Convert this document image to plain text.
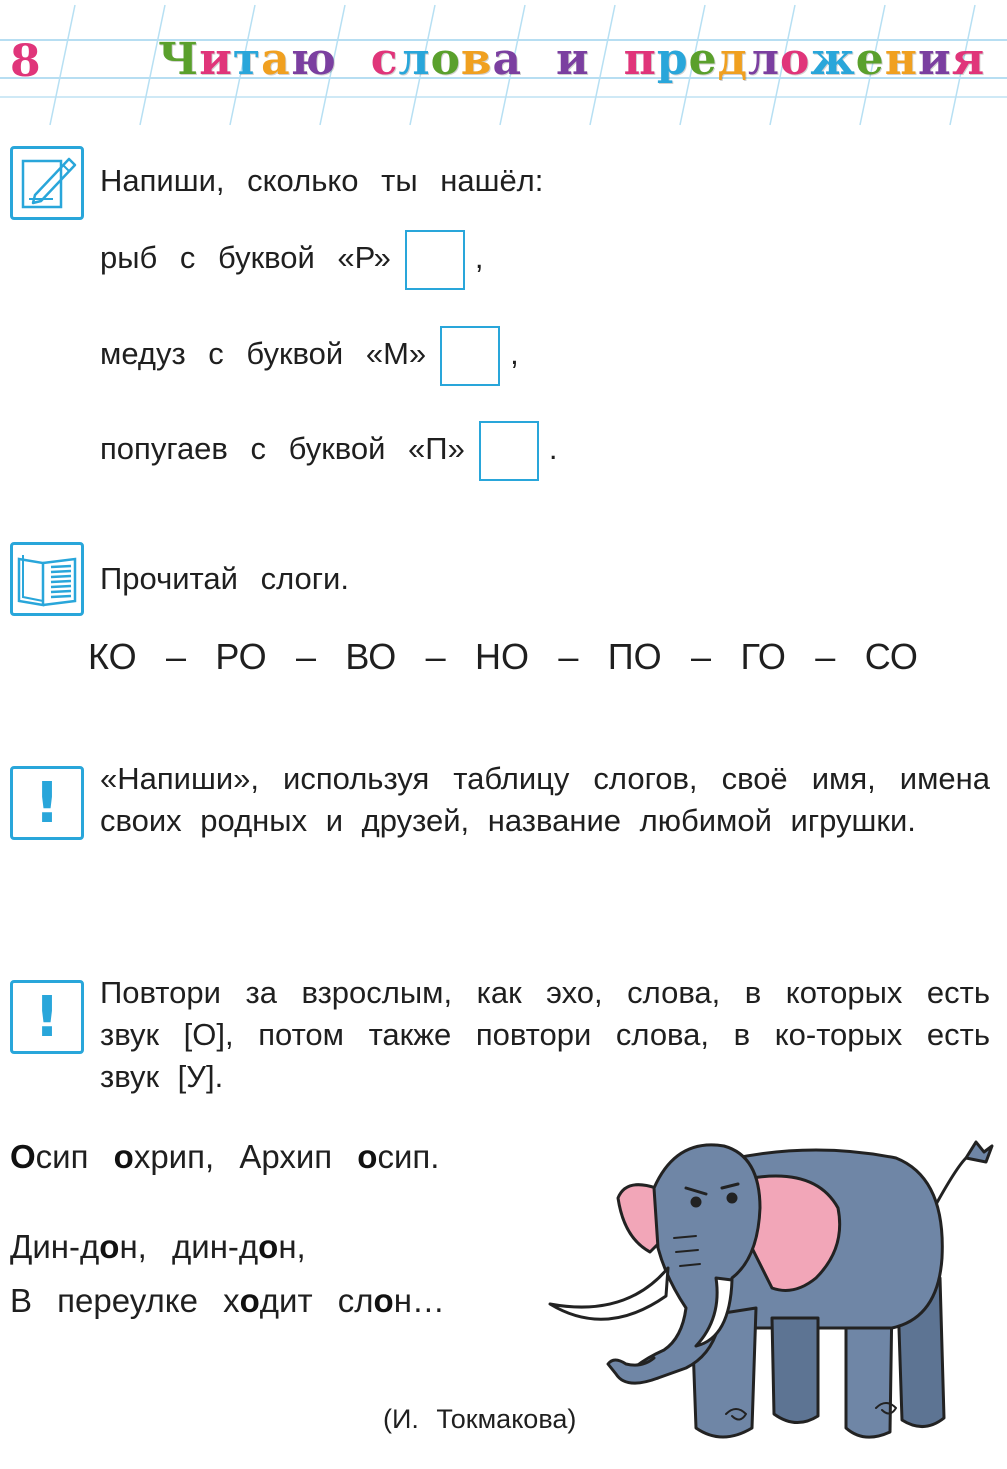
8	Читаю слова и предложения
Напиши, сколько ты нашёл:
рыб с буквой «Р»	,
медуз с буквой «М»	,
попугаев с буквой «П»	.
Прочитай слоги.
КО – РО – ВО – НО – ПО – ГО – СО
!	«Напиши», используя таблицу слогов, своё имя, имена своих родных и друзей, название любимой игрушки.
!	Повтори за взрослым, как эхо, слова, в которых есть звук [О], потом также повтори слова, в ко-торых есть звук [У].
Осип охрип, Архип осип.
Дин-дон, дин-дон,
В переулке ходит слон…
(И. Токмакова)
